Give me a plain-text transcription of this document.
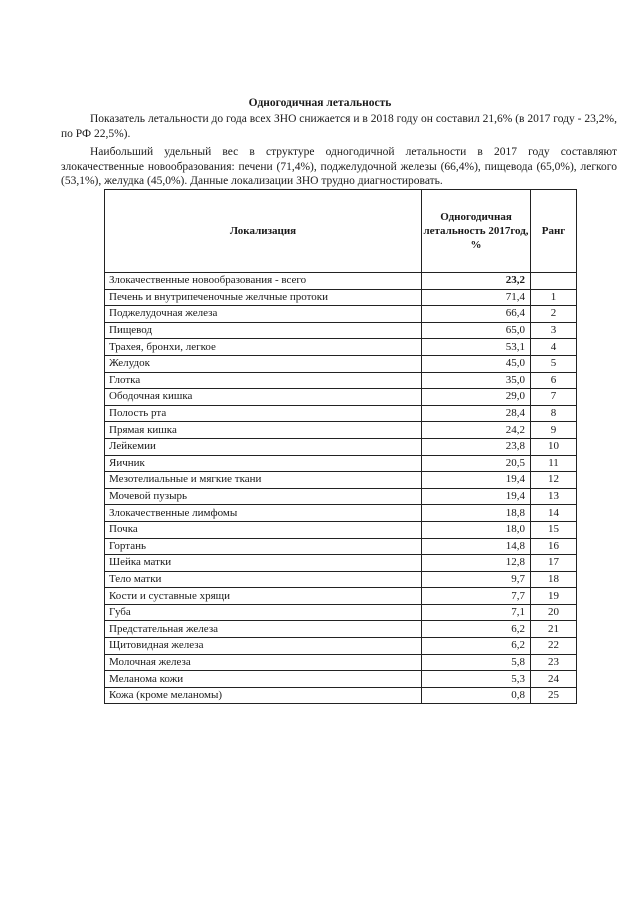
Одногодичная летальность
Показатель летальности до года всех ЗНО снижается и в 2018 году он составил 21,6% (в 2017 году - 23,2%, по РФ 22,5%).
Наибольший удельный вес в структуре одногодичной летальности в 2017 году составляют злокачественные новообразования: печени (71,4%), поджелудочной железы (66,4%), пищевода (65,0%), легкого (53,1%), желудка (45,0%). Данные локализации ЗНО трудно диагностировать.
Локализация	Одногодичная летальность 2017год, %	Ранг
Злокачественные новообразования - всего	23,2	
Печень и внутрипеченочные желчные протоки	71,4	1
Поджелудочная железа	66,4	2
Пищевод	65,0	3
Трахея, бронхи, легкое	53,1	4
Желудок	45,0	5
Глотка	35,0	6
Ободочная кишка	29,0	7
Полость рта	28,4	8
Прямая кишка	24,2	9
Лейкемии	23,8	10
Яичник	20,5	11
Мезотелиальные и мягкие ткани	19,4	12
Мочевой пузырь	19,4	13
Злокачественные лимфомы	18,8	14
Почка	18,0	15
Гортань	14,8	16
Шейка матки	12,8	17
Тело матки	9,7	18
Кости и суставные хрящи	7,7	19
Губа	7,1	20
Предстательная железа	6,2	21
Щитовидная железа	6,2	22
Молочная железа	5,8	23
Меланома кожи	5,3	24
Кожа (кроме меланомы)	0,8	25
